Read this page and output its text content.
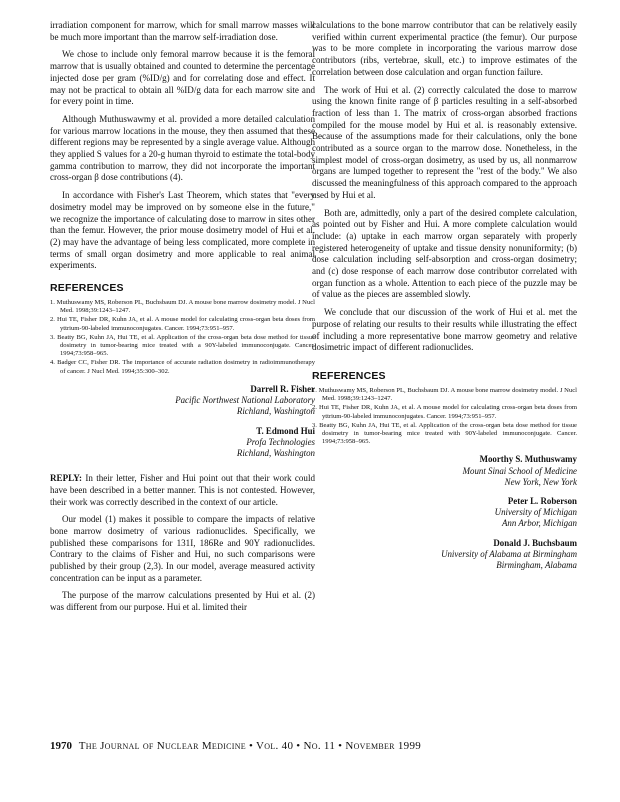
irradiation component for marrow, which for small marrow masses will be much more important than the marrow self-irradiation dose.

We chose to include only femoral marrow because it is the femoral marrow that is usually obtained and counted to determine the percentage injected dose per gram (%ID/g) and for correlating dose and effect. It may not be practical to obtain all %ID/g data for each marrow site and for every point in time.

Although Muthuswawmy et al. provided a more detailed calculation for various marrow locations in the mouse, they then assumed that these different regions may be represented by a single average value. Although they applied S values for a 20-g human thyroid to estimate the total-body gamma contribution to marrow, they did not incorporate the important cross-organ β dose contributions (4).

In accordance with Fisher's Last Theorem, which states that "every dosimetry model may be improved on by someone else in the future," we recognize the importance of calculating dose to marrow in sites other than the femur. However, the prior mouse dosimetry model of Hui et al. (2) may have the advantage of being less complicated, more complete in terms of small organ dosimetry and more applicable to real animal experiments.

REFERENCES
1. Muthuswamy MS, Roberson PL, Buchsbaum DJ. A mouse bone marrow dosimetry model. J Nucl Med. 1998;39:1243–1247.
2. Hui TE, Fisher DR, Kuhn JA, et al. A mouse model for calculating cross-organ beta doses from yttrium-90-labeled immunoconjugates. Cancer. 1994;73:951–957.
3. Beatty BG, Kuhn JA, Hui TE, et al. Application of the cross-organ beta dose method for tissue dosimetry in tumor-bearing mice treated with a 90Y-labeled immunoconjugate. Cancer. 1994;73:958–965.
4. Badger CC, Fisher DR. The importance of accurate radiation dosimetry in radioimmunotherapy of cancer. J Nucl Med. 1994;35:300–302.

Darrell R. Fisher

Pacific Northwest National Laboratory

Richland, Washington

T. Edmond Hui

Profa Technologies

Richland, Washington

REPLY: In their letter, Fisher and Hui point out that their work could have been described in a better manner. This is not contested. However, their work was correctly described in the context of our article.

Our model (1) makes it possible to compare the impacts of relative bone marrow dosimetry of various radionuclides. Specifically, we published these comparisons for 131I, 186Re and 90Y radionuclides. Contrary to the claims of Fisher and Hui, no such comparisons were published by their group (2,3). In our model, average measured activity concentration can be input as a parameter.

The purpose of the marrow calculations presented by Hui et al. (2) was different from our purpose. Hui et al. limited their

calculations to the bone marrow contributor that can be relatively easily verified within current experimental practice (the femur). Our purpose was to be more complete in incorporating the various marrow dose contributors (ribs, vertebrae, skull, etc.) to improve estimates of the correlation between dose calculation and organ function failure.

The work of Hui et al. (2) correctly calculated the dose to marrow using the known finite range of β particles resulting in a self-absorbed fraction of less than 1. The matrix of cross-organ absorbed fractions compiled for the mouse model by Hui et al. is reasonably extensive. Because of the assumptions made for their calculations, only the bone contributed as a source organ to the marrow dose. Nonetheless, in the simplest model of cross-organ dosimetry, as used by us, all nonmarrow organs are lumped together to represent the "rest of the body." We also discussed the meaningfulness of this approach compared to the approach used by Hui et al.

Both are, admittedly, only a part of the desired complete calculation, as pointed out by Fisher and Hui. A more complete calculation would include: (a) uptake in each marrow organ separately with properly registered heterogeneity of uptake and tissue density nonuniformity; (b) dose calculation including self-absorption and cross-organ dosimetry; and (c) dose response of each marrow dose contributor correlated with organ function as a whole. Attention to each piece of the puzzle may be of value as the pieces are assembled slowly.

We conclude that our discussion of the work of Hui et al. met the purpose of relating our results to their results while illustrating the effect of including a more representative bone marrow geometry and relative dosimetric impact of different radionuclides.

REFERENCES
1. Muthuswamy MS, Roberson PL, Buchsbaum DJ. A mouse bone marrow dosimetry model. J Nucl Med. 1998;39:1243–1247.
2. Hui TE, Fisher DR, Kuhn JA, et al. A mouse model for calculating cross-organ beta doses from yttrium-90-labeled immunoconjugates. Cancer. 1994;73:951–957.
3. Beatty BG, Kuhn JA, Hui TE, et al. Application of the cross-organ beta dose method for tissue dosimetry in tumor-bearing mice treated with 90Y-labeled immunoconjugate. Cancer. 1994;73:958–965.

Moorthy S. Muthuswamy

Mount Sinai School of Medicine

New York, New York

Peter L. Roberson

University of Michigan

Ann Arbor, Michigan

Donald J. Buchsbaum

University of Alabama at Birmingham

Birmingham, Alabama

1970 The Journal of Nuclear Medicine • Vol. 40 • No. 11 • November 1999
